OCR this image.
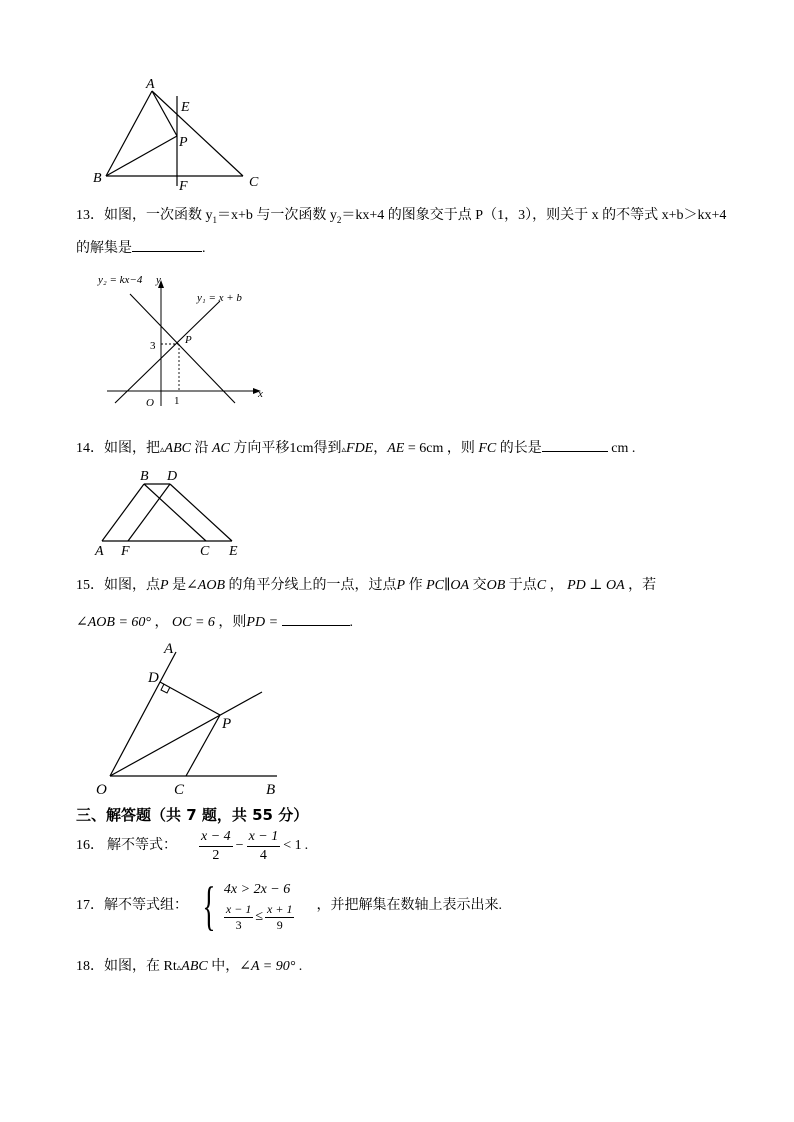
A
E
P
B
F	C
13．如图，一次函数 $y_1=x+b$ 与一次函数 $y_2=kx+4$ 的图象交于点 P（1，3），则关于 x 的不等式 x+b＞kx+4
的解集是	.
y₂ = kx−4 y
y₁ = x + b
P
3
O 1
x
14．如图，把▵ABC 沿 AC 方向平移1cm得到▵FDE，AE = 6cm ，则 FC 的长是	cm .
B D
A F	C E
15．如图，点P 是∠AOB 的角平分线上的一点，过点P 作 PC∥OA 交OB 于点C ， PD ⊥ OA ，若
∠AOB = 60° ， OC = 6 ，则PD =	.
A
D
P
O	C	B
三、解答题（共 7 题，共 55 分）
16． 解不等式： $\frac{x - 4}{2} - \frac{x - 1}{4} < 1$ .
17． 解不等式组： { 4x > 2x − 6
$\frac{x - 1}{3} \le \frac{x + 1}{9}$ ，并把解集在数轴上表示出来.
18．如图，在 Rt▵ABC 中，∠A = 90° .
